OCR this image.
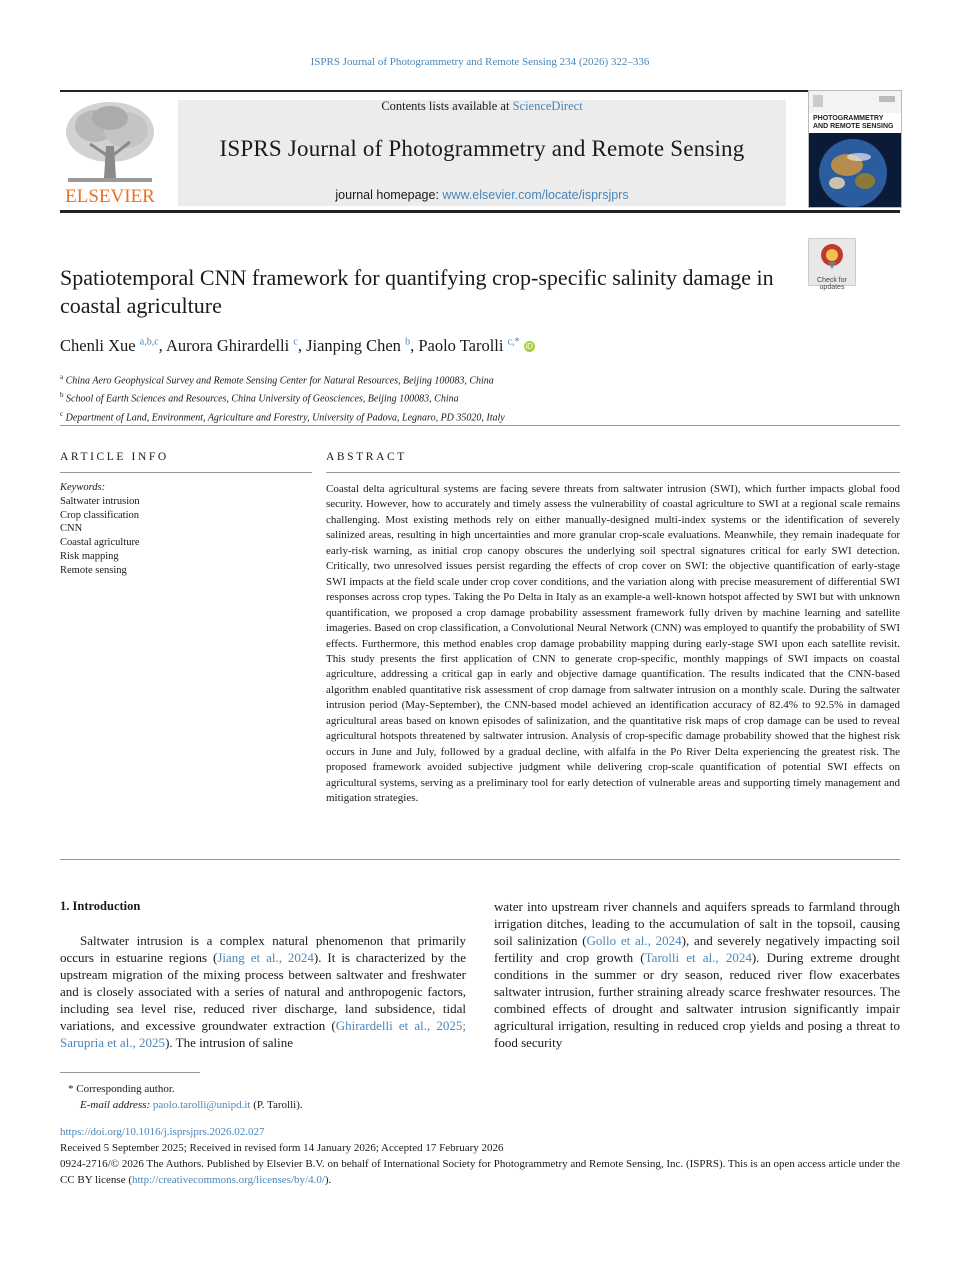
ISPRS Journal of Photogrammetry and Remote Sensing 234 (2026) 322–336
ELSEVIER
Contents lists available at ScienceDirect
ISPRS Journal of Photogrammetry and Remote Sensing
journal homepage: www.elsevier.com/locate/isprsjprs
PHOTOGRAMMETRY
AND REMOTE SENSING
Check for updates
Spatiotemporal CNN framework for quantifying crop-specific salinity damage in coastal agriculture
Chenli Xue $^{a,b,c}$, Aurora Ghirardelli $^c$, Jianping Chen $^b$, Paolo Tarolli $^{c,*}$ iD
$^a$ China Aero Geophysical Survey and Remote Sensing Center for Natural Resources, Beijing 100083, China
$^b$ School of Earth Sciences and Resources, China University of Geosciences, Beijing 100083, China
$^c$ Department of Land, Environment, Agriculture and Forestry, University of Padova, Legnaro, PD 35020, Italy
ARTICLE INFO
Keywords:
Saltwater intrusion
Crop classification
CNN
Coastal agriculture
Risk mapping
Remote sensing
ABSTRACT
Coastal delta agricultural systems are facing severe threats from saltwater intrusion (SWI), which further impacts global food security. However, how to accurately and timely assess the vulnerability of coastal agriculture to SWI at a regional scale remains challenging. Most existing methods rely on either manually-designed multi-index systems or the identification of severely salinized areas, resulting in high uncertainties and more granular crop-scale evaluations. Meanwhile, they remain inadequate for early-risk warning, as initial crop canopy obscures the underlying soil spectral signatures critical for early SWI detection. Critically, two unresolved issues persist regarding the effects of crop cover on SWI: the objective quantification of early-stage SWI impacts at the field scale under crop cover conditions, and the variation along with precise measurement of differential SWI responses across crop types. Taking the Po Delta in Italy as an example-a well-known hotspot affected by SWI but with unknown quantification, we proposed a crop damage probability assessment framework fully driven by machine learning and satellite imageries. Based on crop classification, a Convolutional Neural Network (CNN) was employed to quantify the probability of SWI effects. Furthermore, this method enables crop damage probability mapping during early-stage SWI upon each satellite revisit. This study presents the first application of CNN to generate crop-specific, monthly mappings of SWI impacts on coastal agriculture, addressing a critical gap in early and objective damage quantification. The results indicated that the CNN-based algorithm enabled quantitative risk assessment of crop damage from saltwater intrusion on a monthly scale. During the saltwater intrusion period (May-September), the CNN-based model achieved an identification accuracy of 82.4% to 92.5% in damaged agricultural areas based on known episodes of salinization, and the quantitative risk maps of crop damage can be used to reveal agricultural hotspots threatened by saltwater intrusion. Analysis of crop-specific damage probability showed that the highest risk occurs in June and July, followed by a gradual decline, with alfalfa in the Po River Delta experiencing the greatest risk. The proposed framework avoided subjective judgment while delivering crop-scale quantification of potential SWI effects on agricultural systems, serving as a preliminary tool for early detection of vulnerable areas and supporting timely management and mitigation strategies.
1. Introduction

Saltwater intrusion is a complex natural phenomenon that primarily occurs in estuarine regions (Jiang et al., 2024). It is characterized by the upstream migration of the mixing process between saltwater and freshwater and is closely associated with a series of natural and anthropogenic factors, including sea level rise, reduced river discharge, land subsidence, tidal variations, and excessive groundwater extraction (Ghirardelli et al., 2025; Sarupria et al., 2025). The intrusion of saline

water into upstream river channels and aquifers spreads to farmland through irrigation ditches, leading to the accumulation of salt in the topsoil, causing soil salinization (Gollo et al., 2024), and severely negatively impacting soil fertility and crop growth (Tarolli et al., 2024). During extreme drought conditions in the summer or dry season, reduced river flow exacerbates saltwater intrusion, further straining already scarce freshwater resources. The combined effects of drought and saltwater intrusion significantly impair agricultural irrigation, resulting in reduced crop yields and posing a threat to food security

* Corresponding author.
E-mail address: paolo.tarolli@unipd.it (P. Tarolli).
https://doi.org/10.1016/j.isprsjprs.2026.02.027
Received 5 September 2025; Received in revised form 14 January 2026; Accepted 17 February 2026
0924-2716/© 2026 The Authors. Published by Elsevier B.V. on behalf of International Society for Photogrammetry and Remote Sensing, Inc. (ISPRS). This is an open access article under the CC BY license (http://creativecommons.org/licenses/by/4.0/).
